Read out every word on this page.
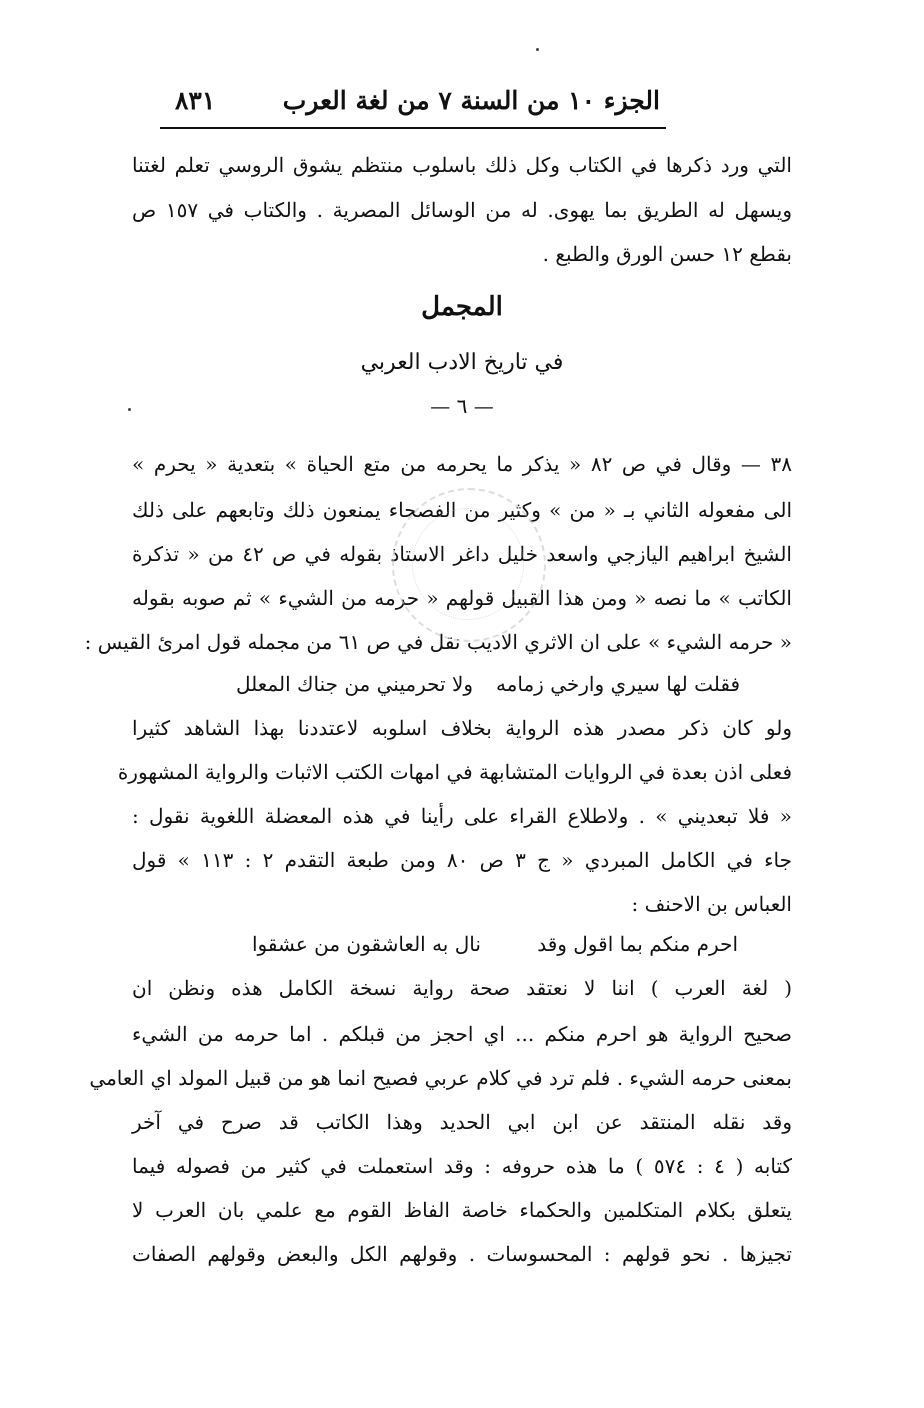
الجزء ١٠ من السنة ٧ من لغة العرب
٨٣١
التي ورد ذكرها في الكتاب وكل ذلك باسلوب منتظم يشوق الروسي تعلم لغتنا
ويسهل له الطريق بما يهوى. له من الوسائل المصرية . والكتاب في ١٥٧ ص
بقطع ١٢ حسن الورق والطبع .
المجمل
في تاريخ الادب العربي
— ٦ —
٣٨ — وقال في ص ٨٢ « يذكر ما يحرمه من متع الحياة » بتعدية « يحرم »
الى مفعوله الثاني بـ « من » وكثير من الفصحاء يمنعون ذلك وتابعهم على ذلك
الشيخ ابراهيم اليازجي واسعد خليل داغر الاستاذ بقوله في ص ٤٢ من « تذكرة
الكاتب » ما نصه « ومن هذا القبيل قولهم « حرمه من الشيء » ثم صوبه بقوله
« حرمه الشيء » على ان الاثري الاديب نقل في ص ٦١ من مجمله قول امرئ القيس :
فقلت لها سيري وارخي زمامه
ولا تحرميني من جناك المعلل
ولو كان ذكر مصدر هذه الرواية بخلاف اسلوبه لاعتددنا بهذا الشاهد كثيرا
فعلى اذن بعدة في الروايات المتشابهة في امهات الكتب الاثبات والرواية المشهورة
« فلا تبعديني » . ولاطلاع القراء على رأينا في هذه المعضلة اللغوية نقول :
جاء في الكامل المبردي « ج ٣ ص ٨٠ ومن طبعة التقدم ٢ : ١١٣ » قول
العباس بن الاحنف :
احرم منكم بما اقول وقد
نال به العاشقون من عشقوا
( لغة العرب ) اننا لا نعتقد صحة رواية نسخة الكامل هذه ونظن ان
صحيح الرواية هو احرم منكم ... اي احجز من قبلكم . اما حرمه من الشيء
بمعنى حرمه الشيء . فلم ترد في كلام عربي فصيح انما هو من قبيل المولد اي العامي
وقد نقله المنتقد عن ابن ابي الحديد وهذا الكاتب قد صرح في آخر
كتابه ( ٤ : ٥٧٤ ) ما هذه حروفه : وقد استعملت في كثير من فصوله فيما
يتعلق بكلام المتكلمين والحكماء خاصة الفاظ القوم مع علمي بان العرب لا
تجيزها . نحو قولهم : المحسوسات . وقولهم الكل والبعض وقولهم الصفات
